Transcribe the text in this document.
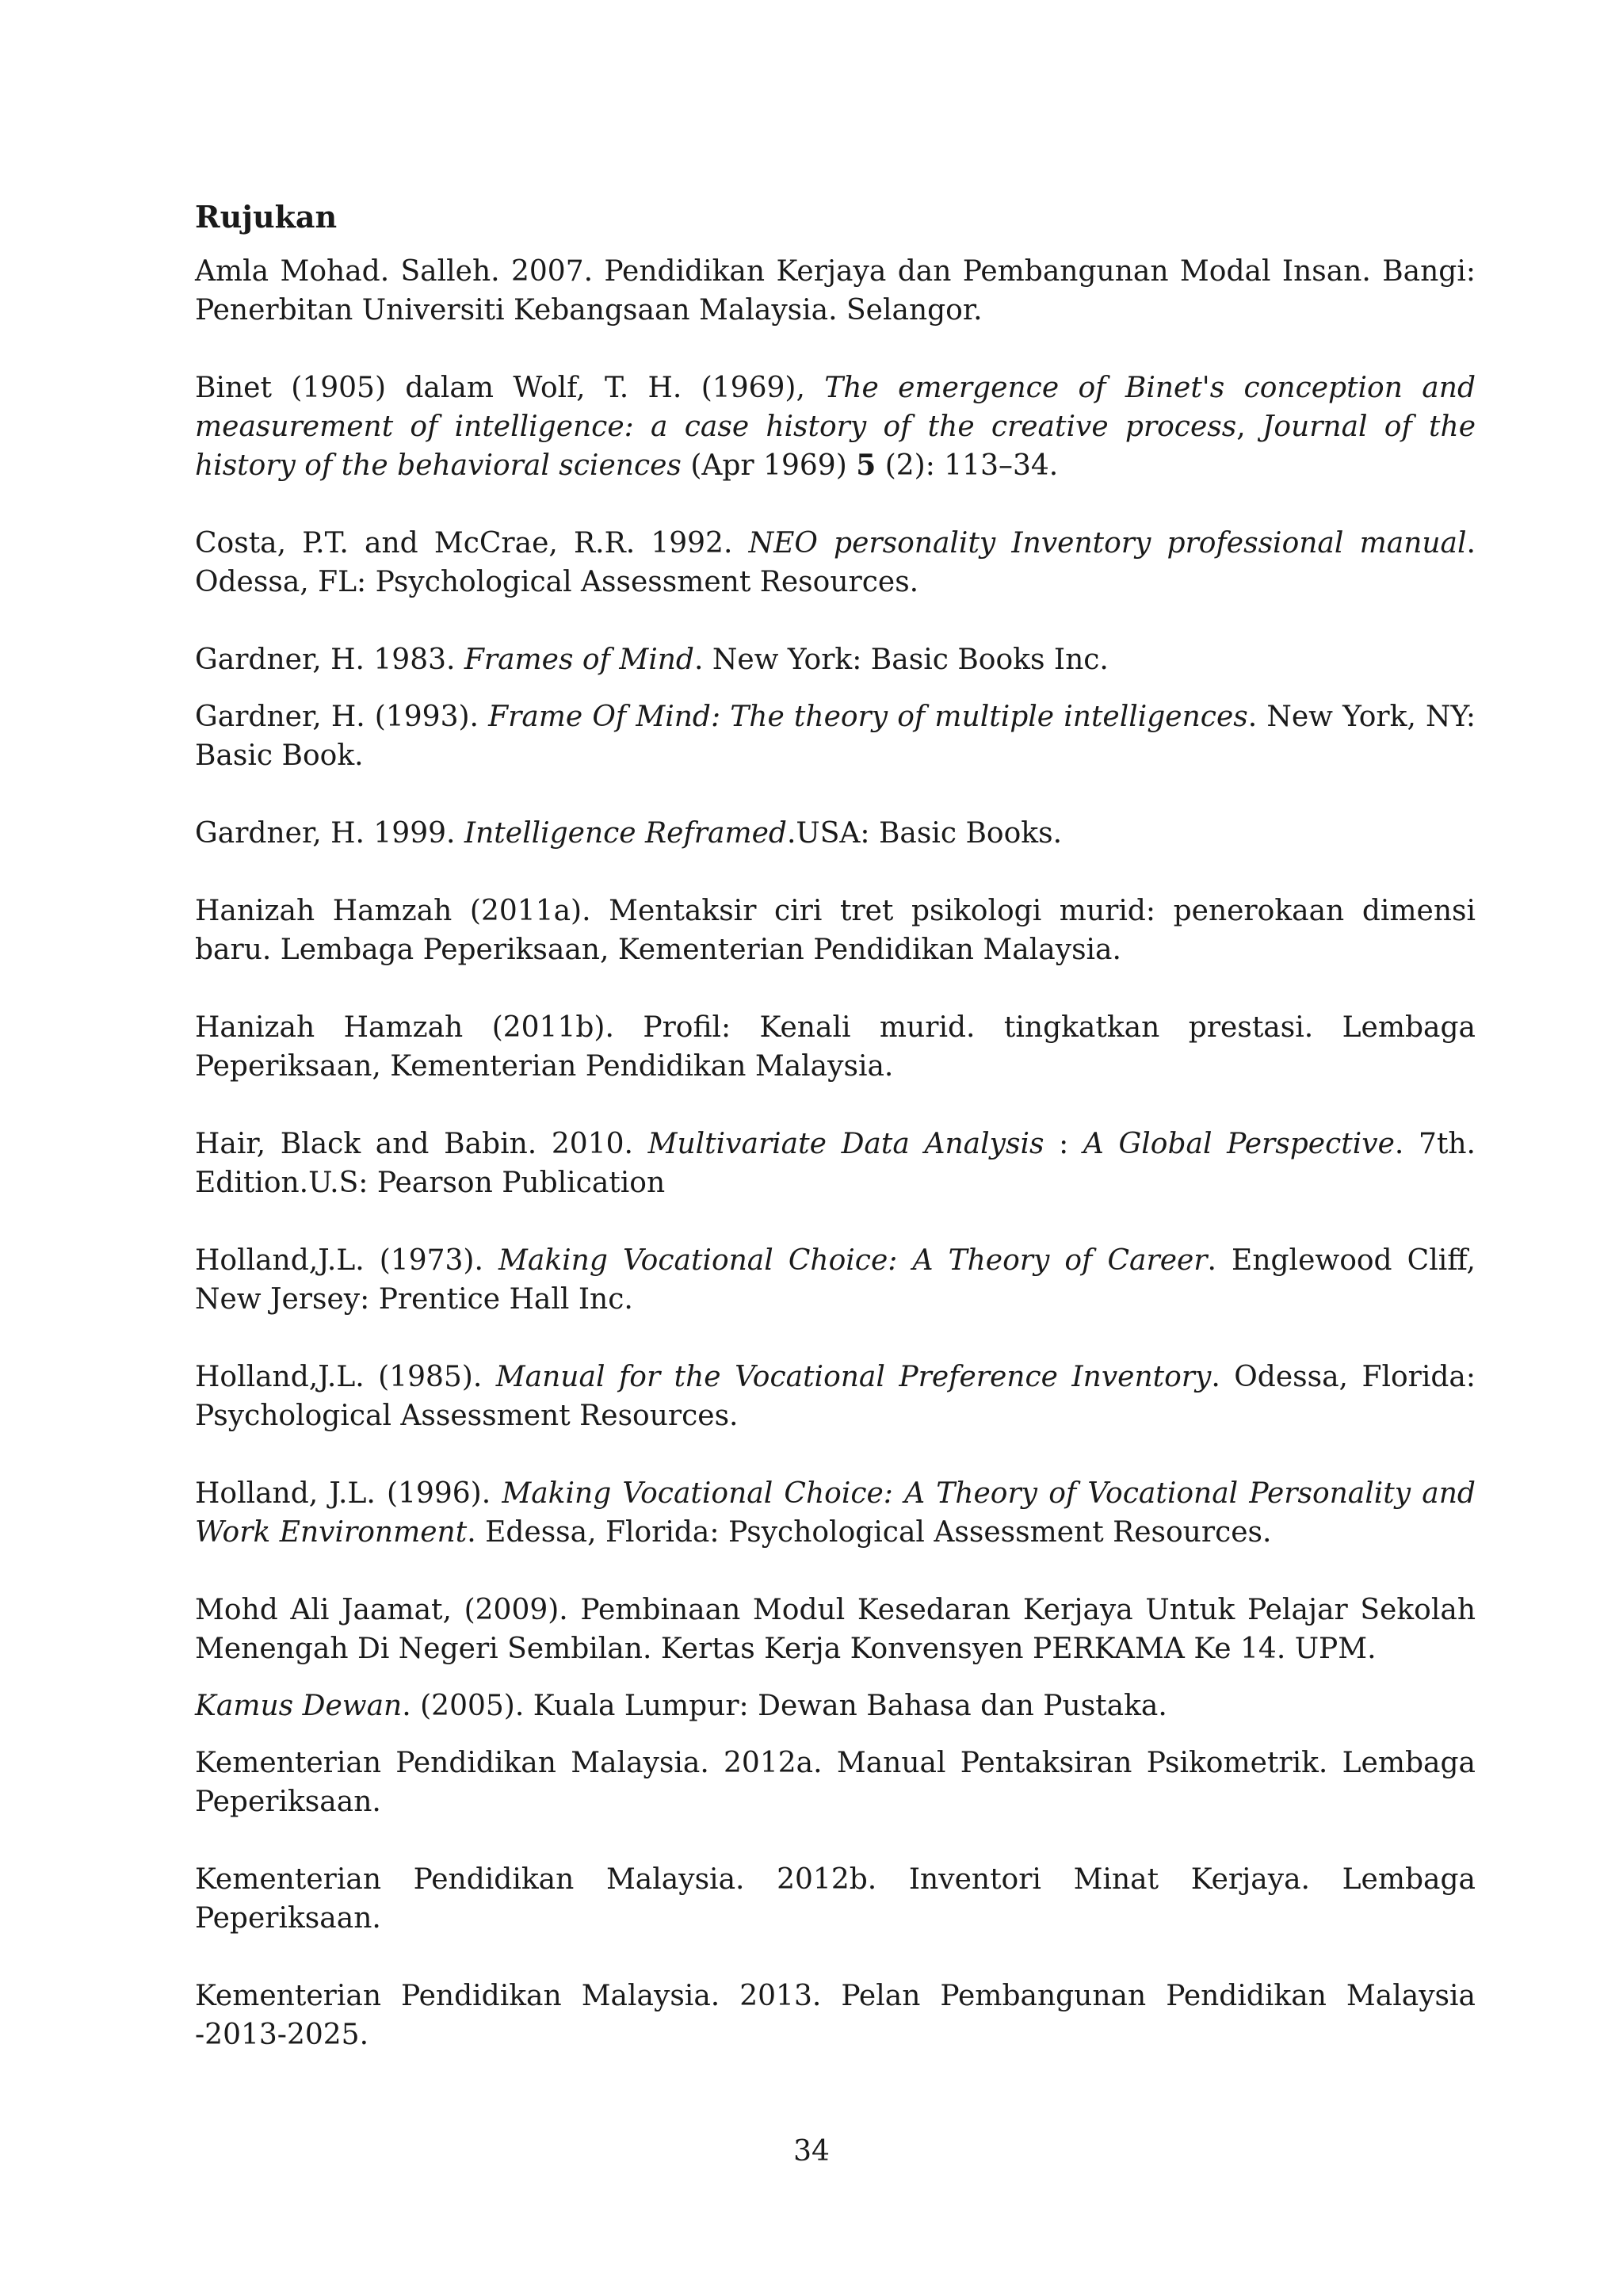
Rujukan

Amla Mohad. Salleh. 2007. Pendidikan Kerjaya dan Pembangunan Modal Insan. Bangi: Penerbitan Universiti Kebangsaan Malaysia. Selangor.

Binet (1905) dalam Wolf, T. H. (1969), The emergence of Binet's conception and measurement of intelligence: a case history of the creative process, Journal of the history of the behavioral sciences (Apr 1969) 5 (2): 113–34.

Costa, P.T. and McCrae, R.R. 1992. NEO personality Inventory professional manual. Odessa, FL: Psychological Assessment Resources.

Gardner, H. 1983. Frames of Mind. New York: Basic Books Inc.

Gardner, H. (1993). Frame Of Mind: The theory of multiple intelligences. New York, NY: Basic Book.

Gardner, H. 1999. Intelligence Reframed.USA: Basic Books.

Hanizah Hamzah (2011a). Mentaksir ciri tret psikologi murid: penerokaan dimensi baru. Lembaga Peperiksaan, Kementerian Pendidikan Malaysia.

Hanizah Hamzah (2011b). Profil: Kenali murid. tingkatkan prestasi. Lembaga Peperiksaan, Kementerian Pendidikan Malaysia.

Hair, Black and Babin. 2010. Multivariate Data Analysis : A Global Perspective. 7th. Edition.U.S: Pearson Publication

Holland,J.L. (1973). Making Vocational Choice: A Theory of Career. Englewood Cliff, New Jersey: Prentice Hall Inc.

Holland,J.L. (1985). Manual for the Vocational Preference Inventory. Odessa, Florida: Psychological Assessment Resources.

Holland, J.L. (1996). Making Vocational Choice: A Theory of Vocational Personality and Work Environment. Edessa, Florida: Psychological Assessment Resources.

Mohd Ali Jaamat, (2009). Pembinaan Modul Kesedaran Kerjaya Untuk Pelajar Sekolah Menengah Di Negeri Sembilan. Kertas Kerja Konvensyen PERKAMA Ke 14. UPM.

Kamus Dewan. (2005). Kuala Lumpur: Dewan Bahasa dan Pustaka.

Kementerian Pendidikan Malaysia. 2012a. Manual Pentaksiran Psikometrik. Lembaga Peperiksaan.

Kementerian Pendidikan Malaysia. 2012b. Inventori Minat Kerjaya. Lembaga Peperiksaan.

Kementerian Pendidikan Malaysia. 2013. Pelan Pembangunan Pendidikan Malaysia -2013-2025.

34
